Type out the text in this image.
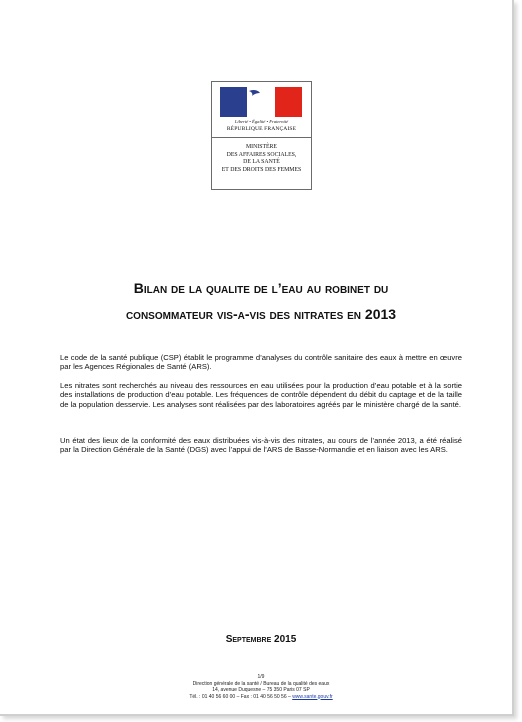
Liberté • Égalité • Fraternité
RÉPUBLIQUE FRANÇAISE
MINISTÈRE
DES AFFAIRES SOCIALES,
DE LA SANTÉ
ET DES DROITS DES FEMMES
Bilan de la qualite de l’eau au robinet du
consommateur vis-a-vis des nitrates en 2013
Le code de la santé publique (CSP) établit le programme d’analyses du contrôle sanitaire des eaux à mettre en œuvre par les Agences Régionales de Santé (ARS).
Les nitrates sont recherchés au niveau des ressources en eau utilisées pour la production d’eau potable et à la sortie des installations de production d’eau potable. Les fréquences de contrôle dépendent du débit du captage et de la taille de la population desservie. Les analyses sont réalisées par des laboratoires agréés par le ministère chargé de la santé.
Un état des lieux de la conformité des eaux distribuées vis-à-vis des nitrates, au cours de l’année 2013, a été réalisé par la Direction Générale de la Santé (DGS) avec l’appui de l’ARS de Basse-Normandie et en liaison avec les ARS.
Septembre 2015
1/9
Direction générale de la santé / Bureau de la qualité des eaux
14, avenue Duquesne – 75 350 Paris 07 SP
Tél. : 01 40 56 60 00 – Fax : 01 40 56 50 56 – www.sante.gouv.fr
